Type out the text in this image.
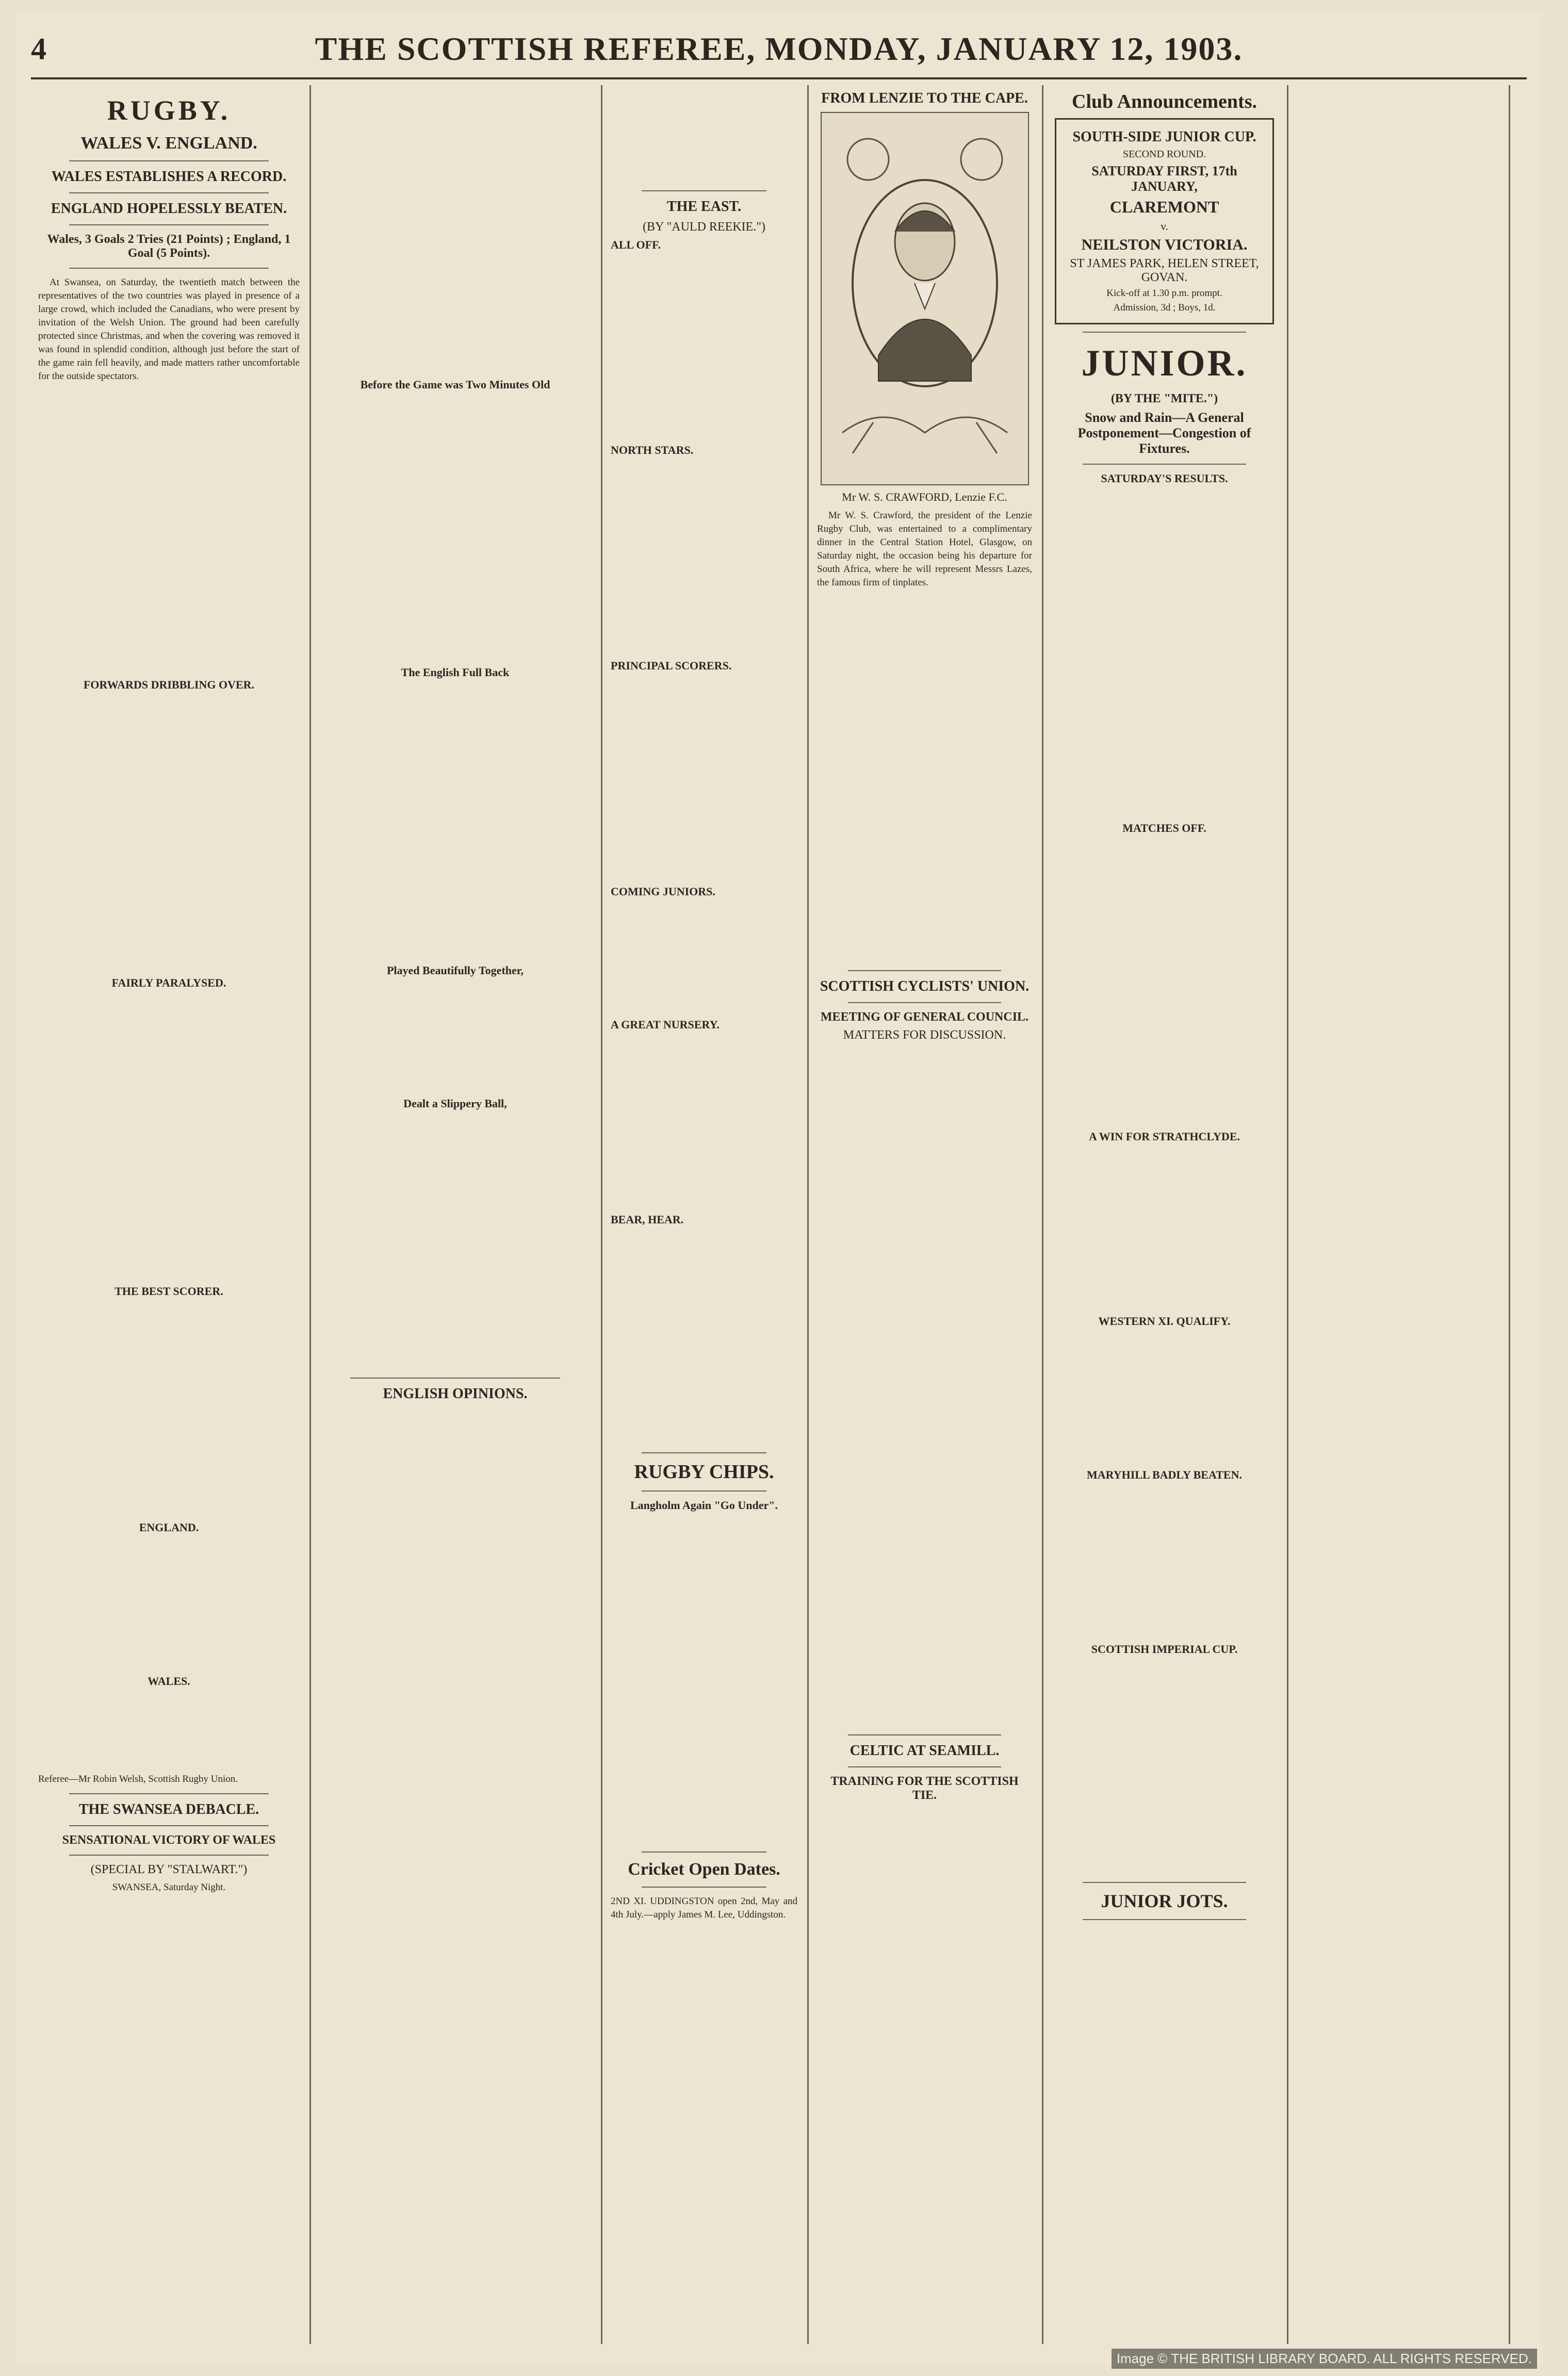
4	THE SCOTTISH REFEREE, MONDAY, JANUARY 12, 1903.
RUGBY.
WALES V. ENGLAND.
WALES ESTABLISHES A RECORD.
ENGLAND HOPELESSLY BEATEN.
Wales, 3 Goals 2 Tries (21 Points) ; England, 1 Goal (5 Points).

At Swansea, on Saturday, the twentieth match between the representatives of the two countries was played in presence of a large crowd, which included the Canadians, who were present by invitation of the Welsh Union. The ground had been carefully protected since Christmas, and when the covering was removed it was found in splendid condition, although just before the start of the game rain fell heavily, and made matters rather uncomfortable for the outside spectators.

FORWARDS DRIBBLING OVER.
FAIRLY PARALYSED.
THE BEST SCORER.
ENGLAND.
WALES.
Referee—Mr Robin Welsh, Scottish Rugby Union.
THE SWANSEA DEBACLE.
SENSATIONAL VICTORY OF WALES
(SPECIAL BY "STALWART.")
SWANSEA, Saturday Night.
Before the Game was Two Minutes Old
The English Full Back
Played Beautifully Together,
Dealt a Slippery Ball,
ENGLISH OPINIONS.
THE EAST.
(BY "AULD REEKIE.")
ALL OFF.
NORTH STARS.
PRINCIPAL SCORERS.
COMING JUNIORS.
A GREAT NURSERY.
BEAR, HEAR.
RUGBY CHIPS.
Langholm Again "Go Under".
Cricket Open Dates.
2ND XI. UDDINGSTON open 2nd, May and 4th July.—apply James M. Lee, Uddingston.
FROM LENZIE TO THE CAPE.
Mr W. S. CRAWFORD, Lenzie F.C.

Mr W. S. Crawford, the president of the Lenzie Rugby Club, was entertained to a complimentary dinner in the Central Station Hotel, Glasgow, on Saturday night, the occasion being his departure for South Africa, where he will represent Messrs Lazes, the famous firm of tinplates.

SCOTTISH CYCLISTS' UNION.
MEETING OF GENERAL COUNCIL.
MATTERS FOR DISCUSSION.
CELTIC AT SEAMILL.
TRAINING FOR THE SCOTTISH TIE.
Club Announcements.
SOUTH-SIDE JUNIOR CUP.
SECOND ROUND.
SATURDAY FIRST, 17th JANUARY,
CLAREMONT
v.
NEILSTON VICTORIA.
ST JAMES PARK, HELEN STREET, GOVAN.
Kick-off at 1.30 p.m. prompt.
Admission, 3d ; Boys, 1d.
JUNIOR.
(BY THE "MITE.")
Snow and Rain—A General Postponement—Congestion of Fixtures.
SATURDAY'S RESULTS.
MATCHES OFF.
A WIN FOR STRATHCLYDE.
WESTERN XI. QUALIFY.
MARYHILL BADLY BEATEN.
SCOTTISH IMPERIAL CUP.
JUNIOR JOTS.
Image © THE BRITISH LIBRARY BOARD. ALL RIGHTS RESERVED.
